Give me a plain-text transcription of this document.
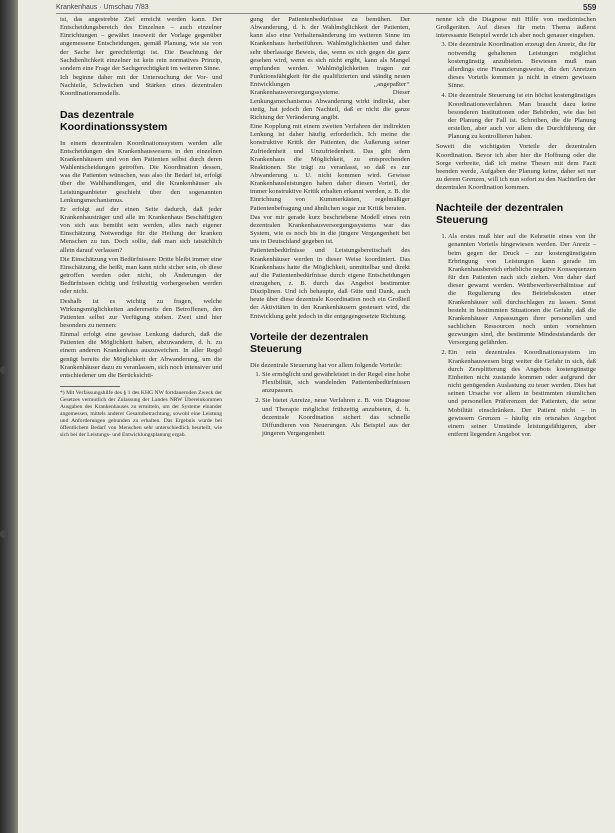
Krankenhaus · Umschau 7/83	559

ist, das angestrebte Ziel erreicht werden kann. Der Entscheidungsbereich des Einzelnen – auch einzelner Einrichtungen – gewährt insoweit der Vorlage gegenüber angemessene Entscheidungen, gemäß Planung, wie sie von der Sache her gerechtfertigt ist. Die Beachtung der Sachdienlichkeit einzelner ist kein rein normatives Prinzip, sondern eine Frage der Sachgerechtigkeit im weiteren Sinne.

Ich beginne daher mit der Untersuchung der Vor- und Nachteile, Schwächen und Stärken eines dezentralen Koordinationsmodells.

Das dezentrale Koordinationssystem

In einem dezentralen Koordinationssystem werden alle Entscheidungen des Krankenhauswesens in den einzelnen Krankenhäusern und von den Patienten selbst durch deren Wahlentscheidungen getroffen. Die Koordination dessen, was die Patienten wünschen, was also ihr Bedarf ist, erfolgt über die Wahlhandlungen, und die Krankenhäuser als Leistungsanbieter geschieht über den sogenannten Lenkungsmechanismus.

Er erfolgt auf der einen Seite dadurch, daß jeder Krankenhausträger und alle im Krankenhaus Beschäftigten von sich aus bemüht sein werden, alles nach eigener Einschätzung Notwendige für die Heilung der kranken Menschen zu tun. Doch sollte, daß man sich tatsächlich allein darauf verlassen?

Die Einschätzung von Bedürfnissen: Dritte bleibt immer eine Einschätzung, die heißt, man kann nicht sicher sein, ob diese getroffen werden oder nicht, ob Änderungen der Bedürfnissen richtig und frühzeitig vorhergesehen werden oder nicht.

Deshalb ist es wichtig zu fragen, welche Wirkungsmöglichkeiten andererseits den Betroffenen, den Patienten selbst zur Verfügung stehen. Zwei sind hier besonders zu nennen:

Einmal erfolgt eine gewisse Lenkung dadurch, daß die Patienten die Möglichkeit haben, abzuwandern, d. h. zu einem anderen Krankenhaus auszuweichen. In aller Regel genügt bereits die Möglichkeit der Abwanderung, um die Krankenhäuser dazu zu veranlassen, sich noch intensiver und entschiedener um die Berücksichti-

*) Mit Verfassungshilfe des § 1 des KHG NW fortdauernden Zweck der Gesetzes vermutlich der Zulassung der Landes NRW Übereinkommen Ausgaben des Krankenhauses zu ermitteln, um der Systeme einander angemessen, mittels anderer Gesamtbetrachtung, sowohl eine Leistung und Anforderungen gebunden zu erhalten. Das Ergebnis wurde bei öffentlichem Bedarf von Menschen sehr unterschiedlich beurteilt, wie sich bei der Leistungs- und Entwicklungsplanung ergab.

gung der Patientenbedürfnisse zu bemühen. Der Abwanderung, d. h. der Wahlmöglichkeit der Patienten, kann also eine Verhaltensänderung im weiteren Sinne im Krankenhaus herbeiführen. Wahlmöglichkeiten und daher sehr überlassige Beweis, das, wenn es sich gegen die ganz gesehen wird, wenn es sich nicht ergibt, kann als Mangel empfunden werden. Wahlmöglichkeiten tragen zur Funktionsfähigkeit für die qualifizierten und ständig neuen Entwicklungen ,,angepaßter‘‘ Krankenhausversorgungssysteme. Dieser Lenkungsmechanismus Abwanderung wirkt indirekt, aber stetig, hat jedoch den Nachteil, daß er nicht die ganze Richtung der Veränderung angibt.

Eine Kopplung mit einem zweiten Verfahren der indirekten Lenkung ist daher häufig erforderlich. Ich meine die konstruktive Kritik der Patienten, die Äußerung seiner Zufriedenheit und Unzufriedenheit. Das gibt dem Krankenhaus die Möglichkeit, zu entsprechenden Reaktionen. Sie trägt zu veranlasst, so daß es zur Abwanderung u. U. nicht kommen wird. Gewisse Krankenhausleistungen haben daher diesen Vorteil, der immer konstruktive Kritik erhalten erkannt werden, z. B. die Einrichtung von Kummerkästen, regelmäßiger Patientenbefragung und ähnlichen sogar zur Kritik beraten.

Das vor mir gerade kurz beschriebene Modell eines rein dezentralen Krankenhausversorgungssystems war das System, wie es noch bis in die jüngere Vergangenheit bei uns in Deutschland gegeben ist.

Patientenbedürfnisse und Leistungsbereitschaft des Krankenhäuser werden in dieser Weise koordiniert. Das Krankenhaus hatte die Möglichkeit, unmittelbar und direkt auf die Patientenbedürfnisse durch eigene Entscheidungen einzugehen, z. B. durch das Angebot bestimmter Disziplinen. Und ich behaupte, daß Güte und Dank, auch heute über diese dezentrale Koordination noch ein Großteil der Aktivitäten in den Krankenhäusern gesteuert wird, die Entwicklung geht jedoch in die entgegengesetzte Richtung.

Vorteile der dezentralen Steuerung

Die dezentrale Steuerung hat vor allem folgende Vorteile:

1. Sie ermöglicht und gewährleistet in der Regel eine hohe Flexibilität, sich wandelnden Patientenbedürfnissen anzupassen.
2. Sie bietet Anreize, neue Verfahren z. B. von Diagnose und Therapie möglichst frühzeitig anzubieten, d. h. dezentrale Koordination sichert das schnelle Diffundieren von Neuerungen. Als Beispiel aus der jüngeren Vergangenheit

nenne ich die Diagnose mit Hilfe von medizinischen Großgeräten. Auf dieses für mein Thema äußerst interessante Beispiel werde ich aber noch genauer eingehen.

3. Die dezentrale Koordination erzeugt den Anreiz, die für notwendig gehaltenen Leistungen möglichst kostengünstig anzubieten. Bewiesen muß man allerdings eine Finanzierungsweise, die den Anreizen dieses Vorteils kommen ja nicht in einem gewissen Sinne.
4. Die dezentrale Steuerung ist ein höchst kostengünstiges Koordinationsverfahren. Man braucht dazu keine besonderen Institutionen oder Behörden, wie das bei der Planung der Fall ist. Schreiben, die die Planung erstellen, aber auch vor allem die Durchführung der Planung zu kontrollieren haben.

Soweit die wichtigsten Vorteile der dezentralen Koordination. Bevor ich aber hier die Hoffnung oder die Sorge verbreite, daß ich meine Thesen mit dem Fazit beenden werde, Aufgaben der Planung keine, daher sei nur zu derem Grenzen, will ich nun sofort zu den Nachteilen der dezentralen Koordination kommen.

Nachteile der dezentralen Steuerung
1. Als erstes muß hier auf die Kehrseite eines von ihr genannten Vorteils hingewiesen werden. Der Anreiz – beim gegen der Druck – zur kostengünstigsten Erbringung von Leistungen kann gerade im Krankenhausbereich erhebliche negative Konsequenzen für den Patienten nach sich ziehen. Von daher darf dieser gewarnt werden. Wettbewerbsverhältnisse auf die Regulierung des Betriebskosten einer Krankenhäuser soll durchschlagen zu lassen. Sonst besteht in bestimmten Situationen die Gefahr, daß die Krankenhäuser Anpassungen ihrer personellen und sachlichen Ressourcen noch unten vornehmen gezwungen sind, die bestimmte Mindeststandards der Versorgung gefährden.
2. Ein rein dezentrales Koordinationssystem im Krankenhauswesen birgt weiter die Gefahr in sich, daß durch Zersplitterung des Angebots kostengünstige Einheiten nicht zustande kommen oder aufgrund der nicht genügenden Auslastung zu teuer werden. Dies hat seinen Ursache vor allem in bestimmten räumlichen und personellen Präferenzen der Patienten, die seine Mobilität einschränken. Der Patient nicht – in gewissem Grenzen – häufig ein ortsnahes Angebot einem seiner Umstände leistungsfähigeren, aber entfernt liegenden Angebot vor.
